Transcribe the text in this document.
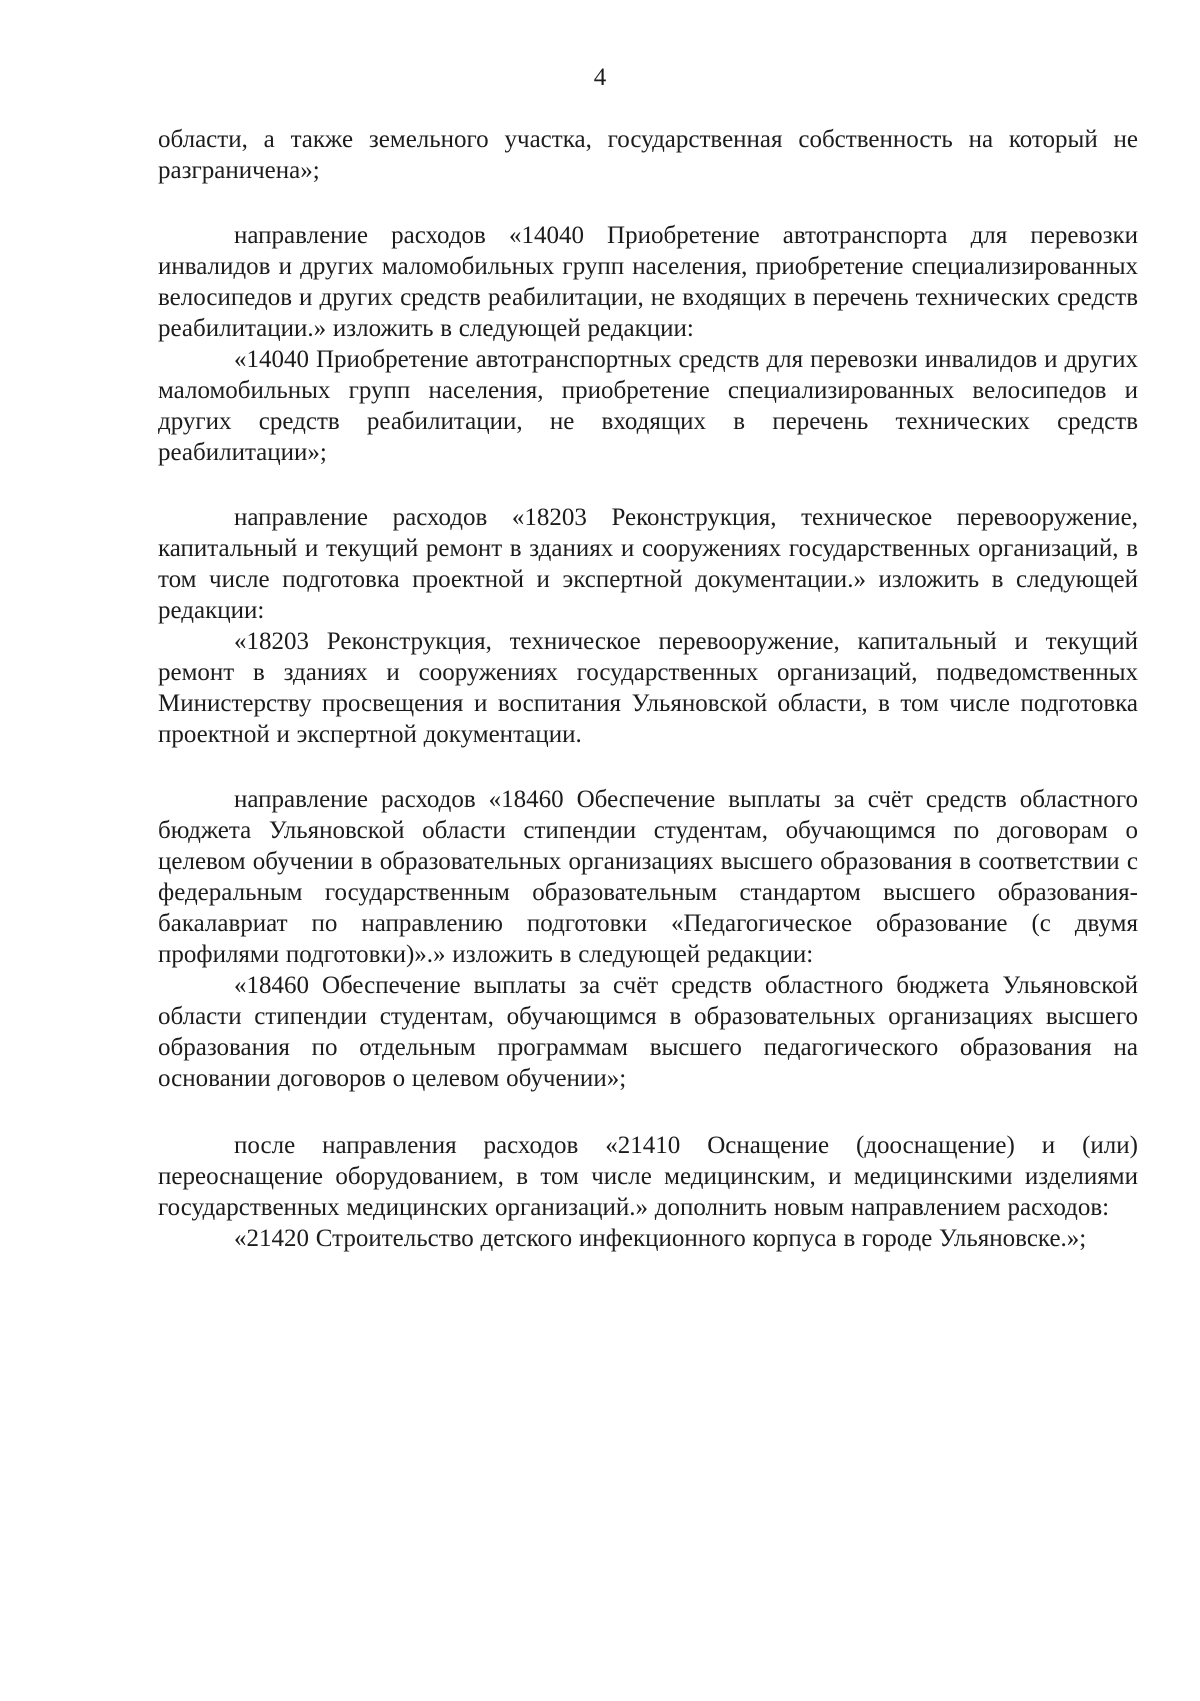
4

области, а также земельного участка, государственная собственность на который не разграничена»;

направление расходов «14040 Приобретение автотранспорта для перевозки инвалидов и других маломобильных групп населения, приобретение специализированных велосипедов и других средств реабилитации, не входящих в перечень технических средств реабилитации.» изложить в следующей редакции:

«14040 Приобретение автотранспортных средств для перевозки инвалидов и других маломобильных групп населения, приобретение специализированных велосипедов и других средств реабилитации, не входящих в перечень технических средств реабилитации»;

направление расходов «18203 Реконструкция, техническое перевооружение, капитальный и текущий ремонт в зданиях и сооружениях государственных организаций, в том числе подготовка проектной и экспертной документации.» изложить в следующей редакции:

«18203 Реконструкция, техническое перевооружение, капитальный и текущий ремонт в зданиях и сооружениях государственных организаций, подведомственных Министерству просвещения и воспитания Ульяновской области, в том числе подготовка проектной и экспертной документации.

направление расходов «18460 Обеспечение выплаты за счёт средств областного бюджета Ульяновской области стипендии студентам, обучающимся по договорам о целевом обучении в образовательных организациях высшего образования в соответствии с федеральным государственным образовательным стандартом высшего образования-бакалавриат по направлению подготовки «Педагогическое образование (с двумя профилями подготовки)».» изложить в следующей редакции:

«18460 Обеспечение выплаты за счёт средств областного бюджета Ульяновской области стипендии студентам, обучающимся в образовательных организациях высшего образования по отдельным программам высшего педагогического образования на основании договоров о целевом обучении»;

после направления расходов «21410 Оснащение (дооснащение) и (или) переоснащение оборудованием, в том числе медицинским, и медицинскими изделиями государственных медицинских организаций.» дополнить новым направлением расходов:

«21420 Строительство детского инфекционного корпуса в городе Ульяновске.»;
